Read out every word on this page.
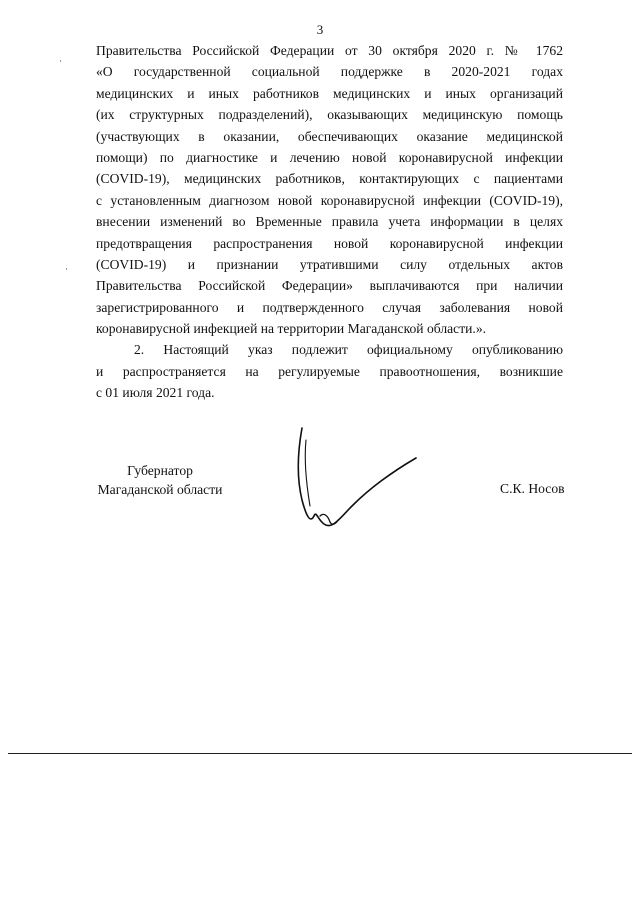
3
Правительства Российской Федерации от 30 октября 2020 г. № 1762
«О государственной социальной поддержке в 2020-2021 годах
медицинских и иных работников медицинских и иных организаций
(их структурных подразделений), оказывающих медицинскую помощь
(участвующих в оказании, обеспечивающих оказание медицинской
помощи) по диагностике и лечению новой коронавирусной инфекции
(COVID-19), медицинских работников, контактирующих с пациентами
с установленным диагнозом новой коронавирусной инфекции (COVID-19),
внесении изменений во Временные правила учета информации в целях
предотвращения распространения новой коронавирусной инфекции
(COVID-19) и признании утратившими силу отдельных актов
Правительства Российской Федерации» выплачиваются при наличии
зарегистрированного и подтвержденного случая заболевания новой
коронавирусной инфекцией на территории Магаданской области.».
2. Настоящий указ подлежит официальному опубликованию
и распространяется на регулируемые правоотношения, возникшие
с 01 июля 2021 года.
Губернатор
Магаданской области	С.К. Носов
